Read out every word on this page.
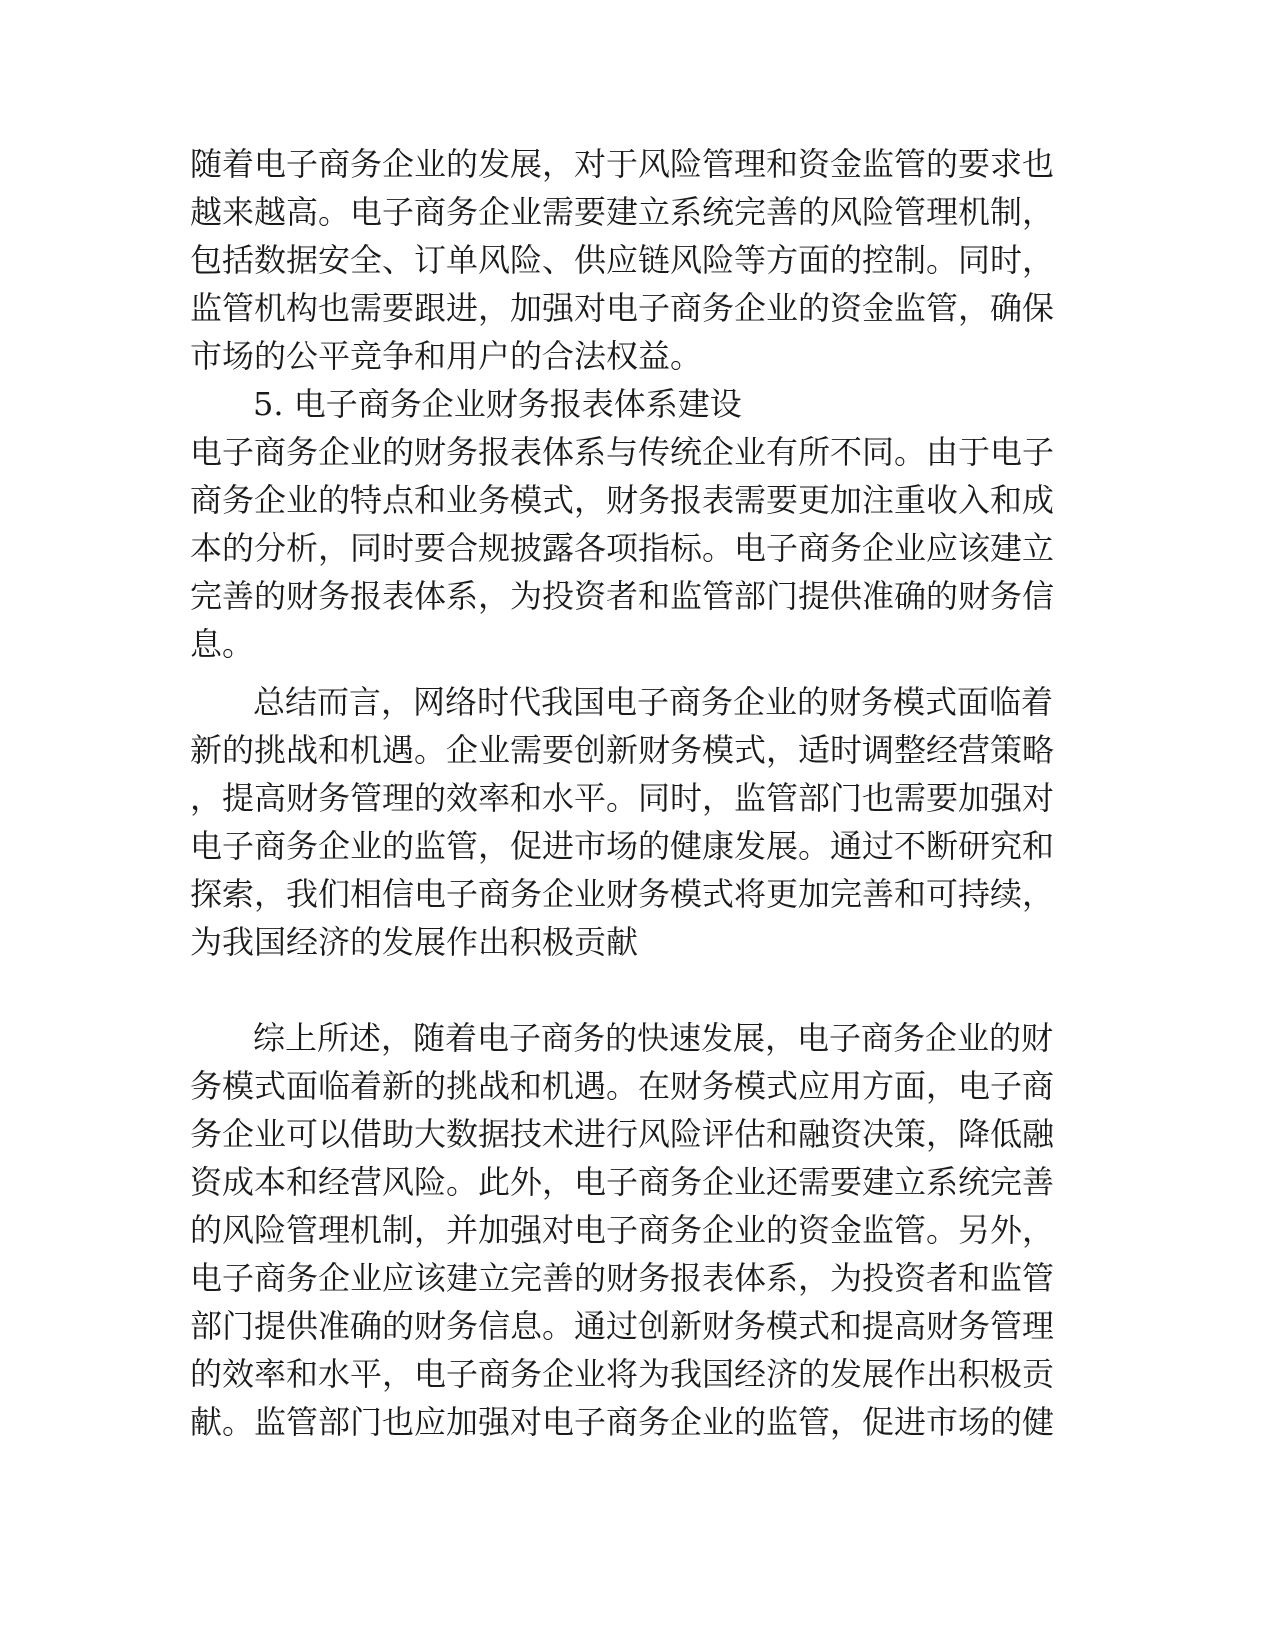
随着电子商务企业的发展，对于风险管理和资金监管的要求也
越来越高。电子商务企业需要建立系统完善的风险管理机制，
包括数据安全、订单风险、供应链风险等方面的控制。同时，
监管机构也需要跟进，加强对电子商务企业的资金监管，确保
市场的公平竞争和用户的合法权益。
5. 电子商务企业财务报表体系建设
电子商务企业的财务报表体系与传统企业有所不同。由于电子
商务企业的特点和业务模式，财务报表需要更加注重收入和成
本的分析，同时要合规披露各项指标。电子商务企业应该建立
完善的财务报表体系，为投资者和监管部门提供准确的财务信
息。
总结而言，网络时代我国电子商务企业的财务模式面临着
新的挑战和机遇。企业需要创新财务模式，适时调整经营策略
，提高财务管理的效率和水平。同时，监管部门也需要加强对
电子商务企业的监管，促进市场的健康发展。通过不断研究和
探索，我们相信电子商务企业财务模式将更加完善和可持续，
为我国经济的发展作出积极贡献
综上所述，随着电子商务的快速发展，电子商务企业的财
务模式面临着新的挑战和机遇。在财务模式应用方面，电子商
务企业可以借助大数据技术进行风险评估和融资决策，降低融
资成本和经营风险。此外，电子商务企业还需要建立系统完善
的风险管理机制，并加强对电子商务企业的资金监管。另外，
电子商务企业应该建立完善的财务报表体系，为投资者和监管
部门提供准确的财务信息。通过创新财务模式和提高财务管理
的效率和水平，电子商务企业将为我国经济的发展作出积极贡
献。监管部门也应加强对电子商务企业的监管，促进市场的健
